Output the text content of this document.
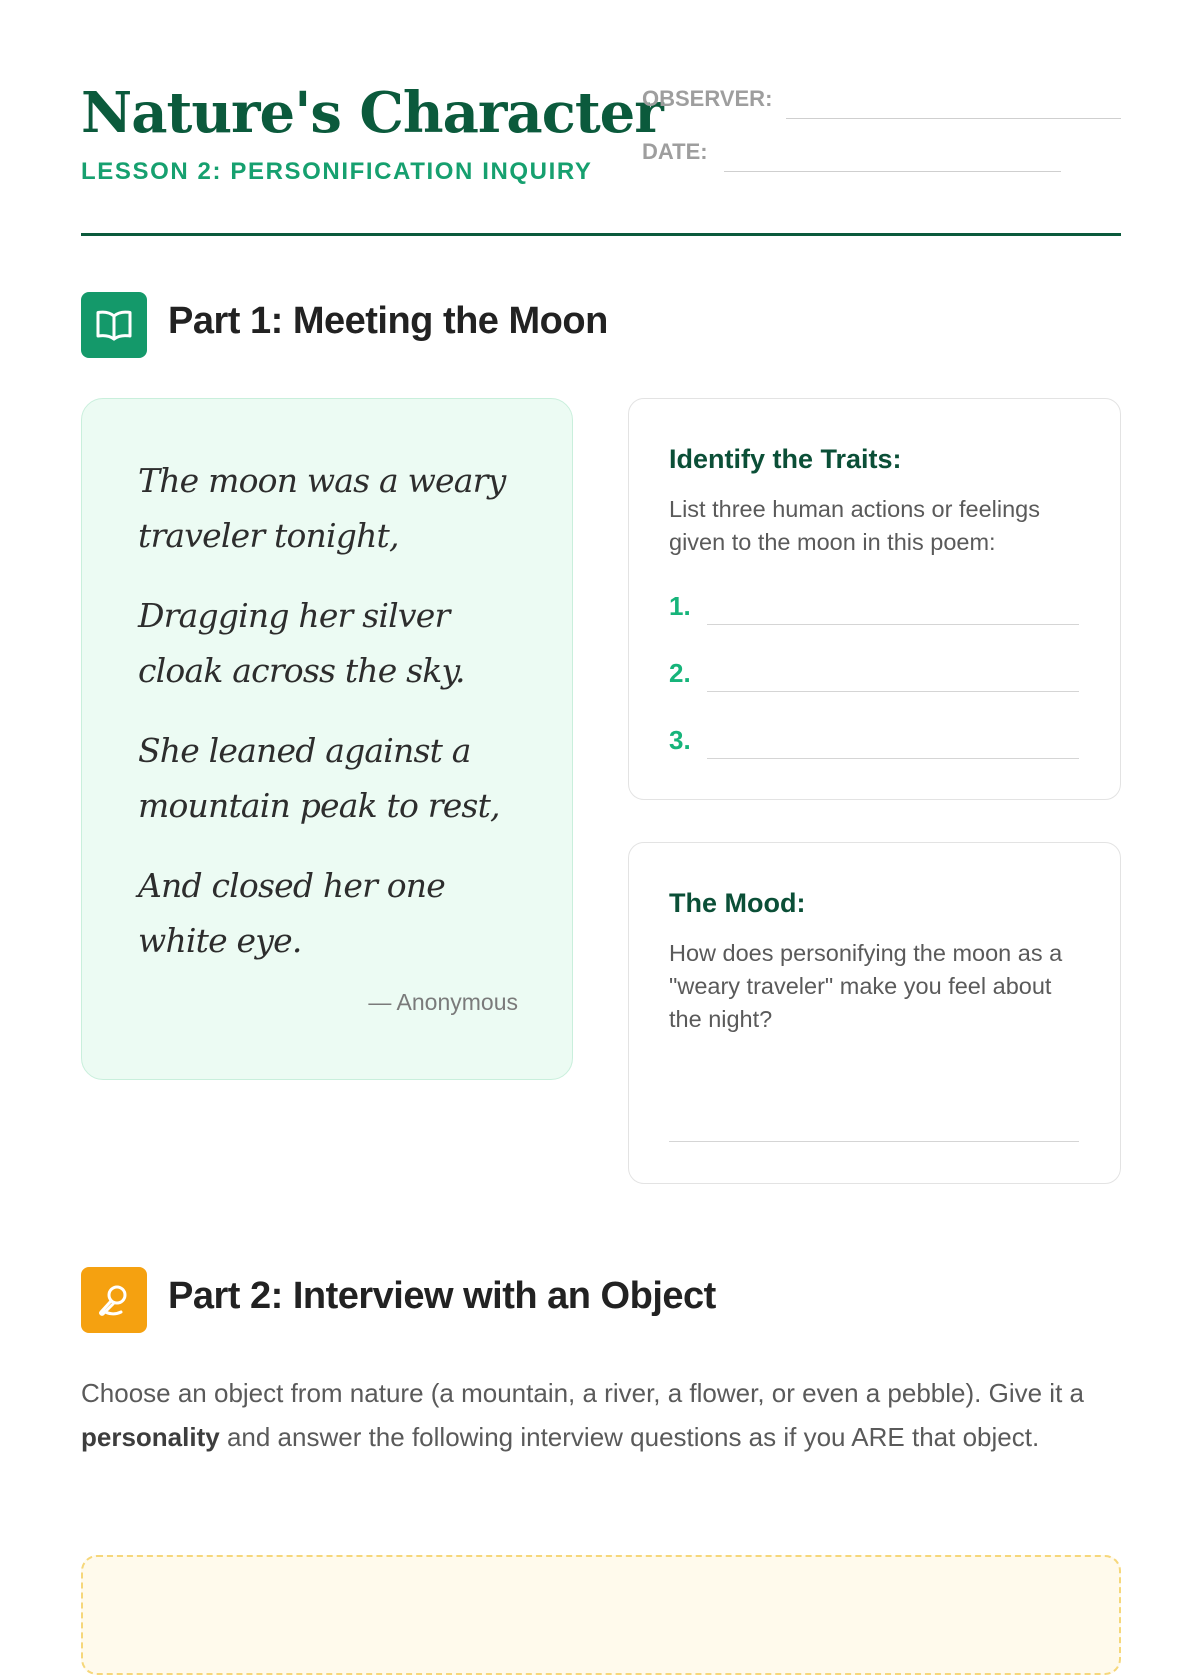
Nature's Character
LESSON 2: PERSONIFICATION INQUIRY
OBSERVER:
DATE:
Part 1: Meeting the Moon

The moon was a weary traveler tonight,

Dragging her silver cloak across the sky.

She leaned against a mountain peak to rest,

And closed her one white eye.

— Anonymous
Identify the Traits:

List three human actions or feelings given to the moon in this poem:

1.
2.
3.
The Mood:

How does personifying the moon as a "weary traveler" make you feel about the night?

Part 2: Interview with an Object

Choose an object from nature (a mountain, a river, a flower, or even a pebble). Give it a personality and answer the following interview questions as if you ARE that object.
